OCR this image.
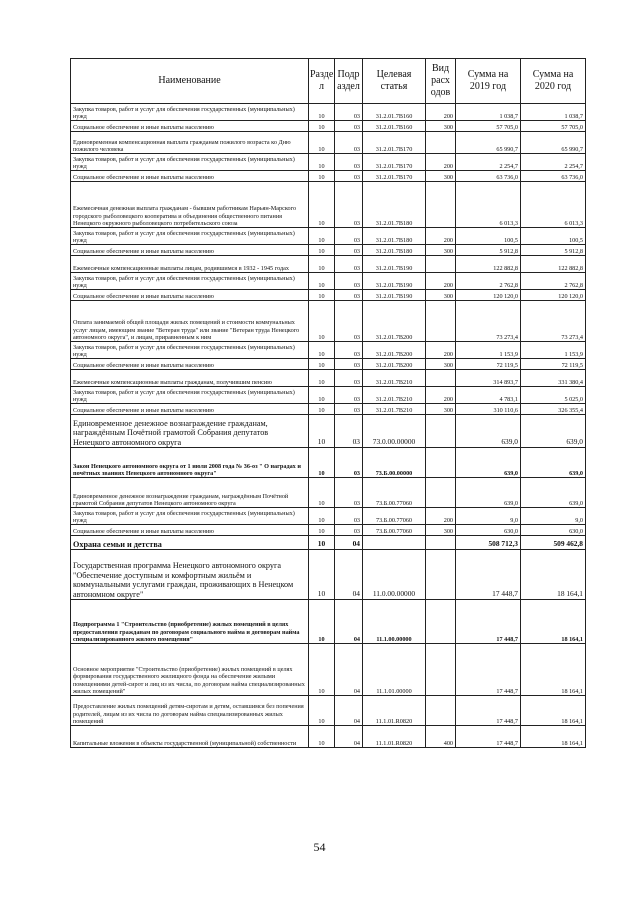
Наименование	Разде л	Подр аздел	Целевая статья	Вид расх одов	Сумма на 2019 год	Сумма на 2020 год
Закупка товаров, работ и услуг для обеспечения государственных (муниципальных) нужд	10	03	31.2.01.7В160	200	1 038,7	1 038,7
Социальное обеспечение и иные выплаты населению	10	03	31.2.01.7В160	300	57 705,0	57 705,0
Единовременная компенсационная выплата гражданам пожилого возраста ко Дню пожилого человека	10	03	31.2.01.7В170		65 990,7	65 990,7
Закупка товаров, работ и услуг для обеспечения государственных (муниципальных) нужд	10	03	31.2.01.7В170	200	2 254,7	2 254,7
Социальное обеспечение и иные выплаты населению	10	03	31.2.01.7В170	300	63 736,0	63 736,0
Ежемесячная денежная выплата гражданам - бывшим работникам Нарьян-Марского городского рыболовецкого кооператива и объединения общественного питания Ненецкого окружного рыболовецкого потребительского союза	10	03	31.2.01.7В180		6 013,3	6 013,3
Закупка товаров, работ и услуг для обеспечения государственных (муниципальных) нужд	10	03	31.2.01.7В180	200	100,5	100,5
Социальное обеспечение и иные выплаты населению	10	03	31.2.01.7В180	300	5 912,8	5 912,8
Ежемесячные компенсационные выплаты лицам, родившимся в 1932 - 1945 годах	10	03	31.2.01.7В190		122 882,8	122 882,8
Закупка товаров, работ и услуг для обеспечения государственных (муниципальных) нужд	10	03	31.2.01.7В190	200	2 762,8	2 762,8
Социальное обеспечение и иные выплаты населению	10	03	31.2.01.7В190	300	120 120,0	120 120,0
Оплата занимаемой общей площади жилых помещений и стоимости коммунальных услуг лицам, имеющим звание "Ветеран труда" или звание "Ветеран труда Ненецкого автономного округа", и лицам, приравненным к ним	10	03	31.2.01.7В200		73 273,4	73 273,4
Закупка товаров, работ и услуг для обеспечения государственных (муниципальных) нужд	10	03	31.2.01.7В200	200	1 153,9	1 153,9
Социальное обеспечение и иные выплаты населению	10	03	31.2.01.7В200	300	72 119,5	72 119,5
Ежемесячные компенсационные выплаты гражданам, получившим пенсию	10	03	31.2.01.7В210		314 893,7	331 380,4
Закупка товаров, работ и услуг для обеспечения государственных (муниципальных) нужд	10	03	31.2.01.7В210	200	4 783,1	5 025,0
Социальное обеспечение и иные выплаты населению	10	03	31.2.01.7В210	300	310 110,6	326 355,4
Единовременное денежное вознаграждение гражданам, награждённым Почётной грамотой Собрания депутатов Ненецкого автономного округа	10	03	73.0.00.00000		639,0	639,0
Закон Ненецкого автономного округа от 1 июля 2008 года № 36-оз " О наградах и почётных званиях Ненецкого автономного округа"	10	03	73.Б.00.00000		639,0	639,0
Единовременное денежное вознаграждение гражданам, награждённым Почётной грамотой Собрания депутатов Ненецкого автономного округа	10	03	73.Б.00.77060		639,0	639,0
Закупка товаров, работ и услуг для обеспечения государственных (муниципальных) нужд	10	03	73.Б.00.77060	200	9,0	9,0
Социальное обеспечение и иные выплаты населению	10	03	73.Б.00.77060	300	630,0	630,0
Охрана семьи и детства	10	04			508 712,3	509 462,8
Государственная программа Ненецкого автономного округа "Обеспечение доступным и комфортным жильём и коммунальными услугами граждан, проживающих в Ненецком автономном округе"	10	04	11.0.00.00000		17 448,7	18 164,1
Подпрограмма 1 "Строительство (приобретение) жилых помещений в целях предоставления гражданам по договорам социального найма и договорам найма специализированного жилого помещения"	10	04	11.1.00.00000		17 448,7	18 164,1
Основное мероприятие "Строительство (приобретение) жилых помещений в целях формирования государственного жилищного фонда на обеспечение жилыми помещениями детей-сирот и лиц из их числа, по договорам найма специализированных жилых помещений"	10	04	11.1.01.00000		17 448,7	18 164,1
Предоставление жилых помещений детям-сиротам и детям, оставшимся без попечения родителей, лицам из их числа по договорам найма специализированных жилых помещений	10	04	11.1.01.R0820		17 448,7	18 164,1
Капитальные вложения в объекты государственной (муниципальной) собственности	10	04	11.1.01.R0820	400	17 448,7	18 164,1
54
